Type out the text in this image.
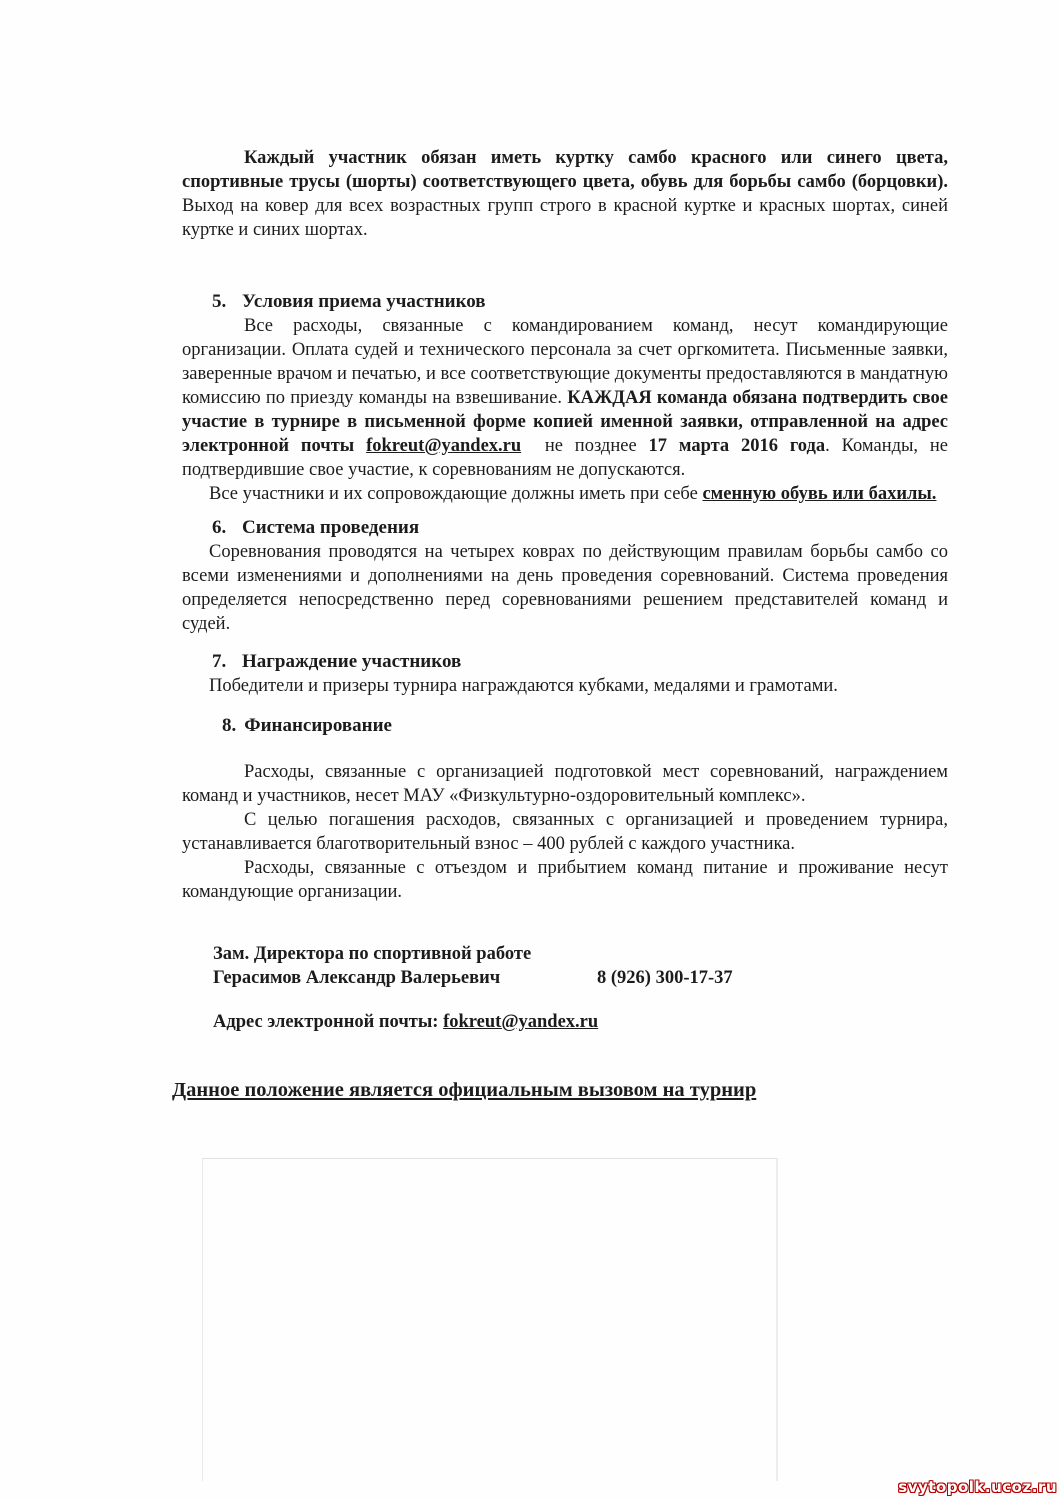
Каждый участник обязан иметь куртку самбо красного или синего цвета, спортивные трусы (шорты) соответствующего цвета, обувь для борьбы самбо (борцовки). Выход на ковер для всех возрастных групп строго в красной куртке и красных шортах, синей куртке и синих шортах.

5. Условия приема участников

Все расходы, связанные с командированием команд, несут командирующие организации. Оплата судей и технического персонала за счет оргкомитета. Письменные заявки, заверенные врачом и печатью, и все соответствующие документы предоставляются в мандатную комиссию по приезду команды на взвешивание. КАЖДАЯ команда обязана подтвердить свое участие в турнире в письменной форме копией именной заявки, отправленной на адрес электронной почты fokreut@yandex.ru не позднее 17 марта 2016 года. Команды, не подтвердившие свое участие, к соревнованиям не допускаются.

Все участники и их сопровождающие должны иметь при себе сменную обувь или бахилы.

6. Система проведения

Соревнования проводятся на четырех коврах по действующим правилам борьбы самбо со всеми изменениями и дополнениями на день проведения соревнований. Система проведения определяется непосредственно перед соревнованиями решением представителей команд и судей.

7. Награждение участников

Победители и призеры турнира награждаются кубками, медалями и грамотами.

8. Финансирование

Расходы, связанные с организацией подготовкой мест соревнований, награждением команд и участников, несет МАУ «Физкультурно-оздоровительный комплекс».

С целью погашения расходов, связанных с организацией и проведением турнира, устанавливается благотворительный взнос – 400 рублей с каждого участника.

Расходы, связанные с отъездом и прибытием команд питание и проживание несут командующие организации.

Зам. Директора по спортивной работе
Герасимов Александр Валерьевич	8 (926) 300-17-37

Адрес электронной почты: fokreut@yandex.ru

Данное положение является официальным вызовом на турнир

svytopolk.ucoz.ru
